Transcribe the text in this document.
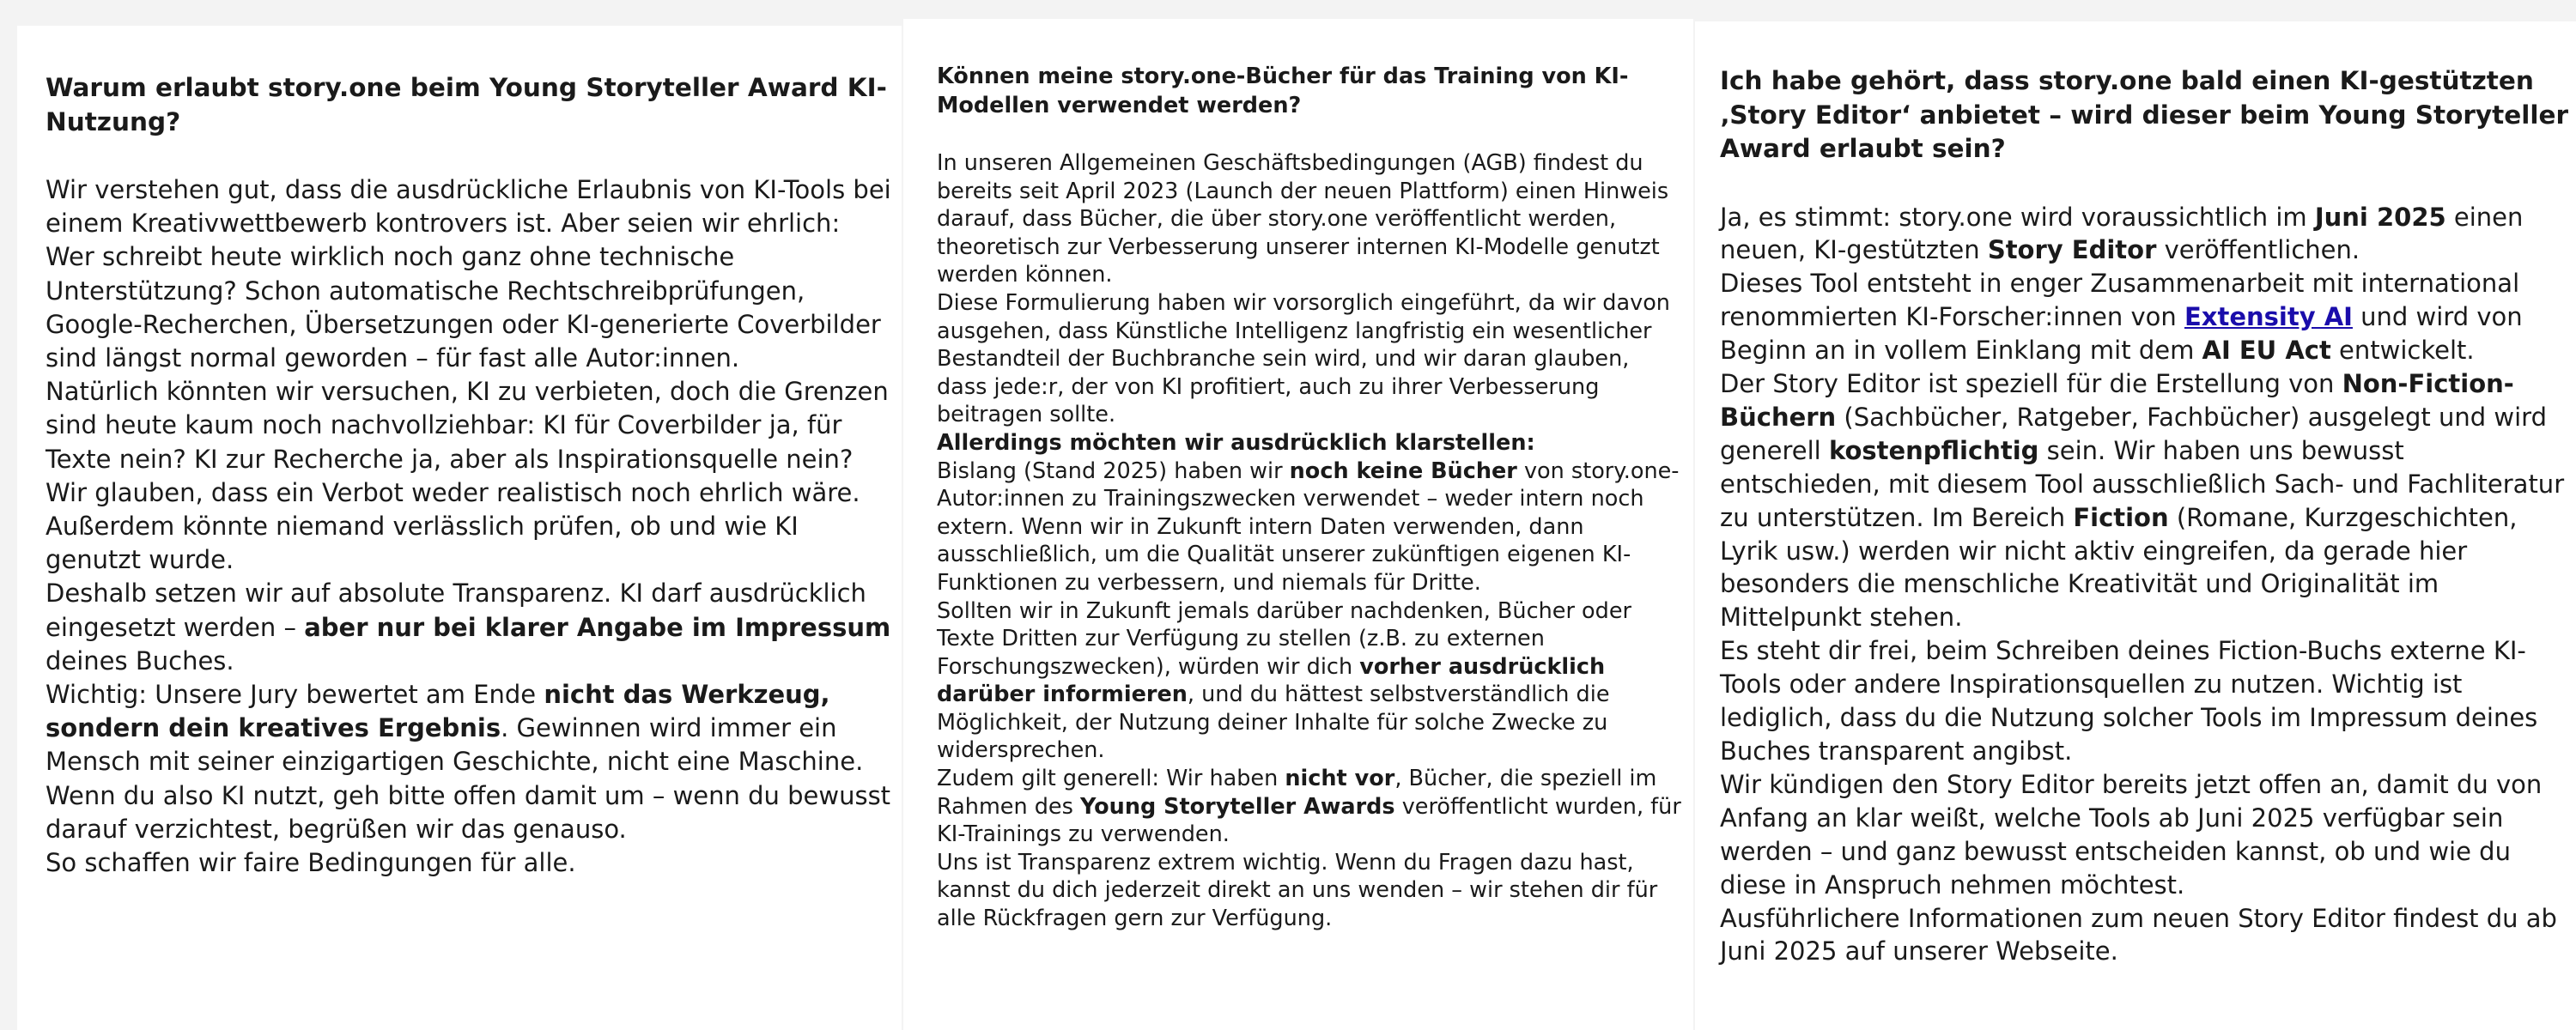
Warum erlaubt story.one beim Young Storyteller Award KI-Nutzung?

Wir verstehen gut, dass die ausdrückliche Erlaubnis von KI-Tools bei einem Kreativwettbewerb kontrovers ist. Aber seien wir ehrlich: Wer schreibt heute wirklich noch ganz ohne technische Unterstützung? Schon automatische Rechtschreibprüfungen, Google-Recherchen, Übersetzungen oder KI-generierte Coverbilder sind längst normal geworden – für fast alle Autor:innen.

Natürlich könnten wir versuchen, KI zu verbieten, doch die Grenzen sind heute kaum noch nachvollziehbar: KI für Coverbilder ja, für Texte nein? KI zur Recherche ja, aber als Inspirationsquelle nein?

Wir glauben, dass ein Verbot weder realistisch noch ehrlich wäre. Außerdem könnte niemand verlässlich prüfen, ob und wie KI genutzt wurde.

Deshalb setzen wir auf absolute Transparenz. KI darf ausdrücklich eingesetzt werden – aber nur bei klarer Angabe im Impressum deines Buches.

Wichtig: Unsere Jury bewertet am Ende nicht das Werkzeug, sondern dein kreatives Ergebnis. Gewinnen wird immer ein Mensch mit seiner einzigartigen Geschichte, nicht eine Maschine.

Wenn du also KI nutzt, geh bitte offen damit um – wenn du bewusst darauf verzichtest, begrüßen wir das genauso.

So schaffen wir faire Bedingungen für alle.

Können meine story.one-Bücher für das Training von KI-Modellen verwendet werden?

In unseren Allgemeinen Geschäftsbedingungen (AGB) findest du bereits seit April 2023 (Launch der neuen Plattform) einen Hinweis darauf, dass Bücher, die über story.one veröffentlicht werden, theoretisch zur Verbesserung unserer internen KI-Modelle genutzt werden können.

Diese Formulierung haben wir vorsorglich eingeführt, da wir davon ausgehen, dass Künstliche Intelligenz langfristig ein wesentlicher Bestandteil der Buchbranche sein wird, und wir daran glauben, dass jede:r, der von KI profitiert, auch zu ihrer Verbesserung beitragen sollte.

Allerdings möchten wir ausdrücklich klarstellen:

Bislang (Stand 2025) haben wir noch keine Bücher von story.one-Autor:innen zu Trainingszwecken verwendet – weder intern noch extern. Wenn wir in Zukunft intern Daten verwenden, dann ausschließlich, um die Qualität unserer zukünftigen eigenen KI-Funktionen zu verbessern, und niemals für Dritte.

Sollten wir in Zukunft jemals darüber nachdenken, Bücher oder Texte Dritten zur Verfügung zu stellen (z.B. zu externen Forschungszwecken), würden wir dich vorher ausdrücklich darüber informieren, und du hättest selbstverständlich die Möglichkeit, der Nutzung deiner Inhalte für solche Zwecke zu widersprechen.

Zudem gilt generell: Wir haben nicht vor, Bücher, die speziell im Rahmen des Young Storyteller Awards veröffentlicht wurden, für KI-Trainings zu verwenden.

Uns ist Transparenz extrem wichtig. Wenn du Fragen dazu hast, kannst du dich jederzeit direkt an uns wenden – wir stehen dir für alle Rückfragen gern zur Verfügung.

Ich habe gehört, dass story.one bald einen KI-gestützten ‚Story Editor‘ anbietet – wird dieser beim Young Storyteller Award erlaubt sein?

Ja, es stimmt: story.one wird voraussichtlich im Juni 2025 einen neuen, KI-gestützten Story Editor veröffentlichen.

Dieses Tool entsteht in enger Zusammenarbeit mit international renommierten KI-Forscher:innen von Extensity AI und wird von Beginn an in vollem Einklang mit dem AI EU Act entwickelt.

Der Story Editor ist speziell für die Erstellung von Non-Fiction-Büchern (Sachbücher, Ratgeber, Fachbücher) ausgelegt und wird generell kostenpflichtig sein. Wir haben uns bewusst entschieden, mit diesem Tool ausschließlich Sach- und Fachliteratur zu unterstützen. Im Bereich Fiction (Romane, Kurzgeschichten, Lyrik usw.) werden wir nicht aktiv eingreifen, da gerade hier besonders die menschliche Kreativität und Originalität im Mittelpunkt stehen.

Es steht dir frei, beim Schreiben deines Fiction-Buchs externe KI-Tools oder andere Inspirationsquellen zu nutzen. Wichtig ist lediglich, dass du die Nutzung solcher Tools im Impressum deines Buches transparent angibst.

Wir kündigen den Story Editor bereits jetzt offen an, damit du von Anfang an klar weißt, welche Tools ab Juni 2025 verfügbar sein werden – und ganz bewusst entscheiden kannst, ob und wie du diese in Anspruch nehmen möchtest.

Ausführlichere Informationen zum neuen Story Editor findest du ab Juni 2025 auf unserer Webseite.
